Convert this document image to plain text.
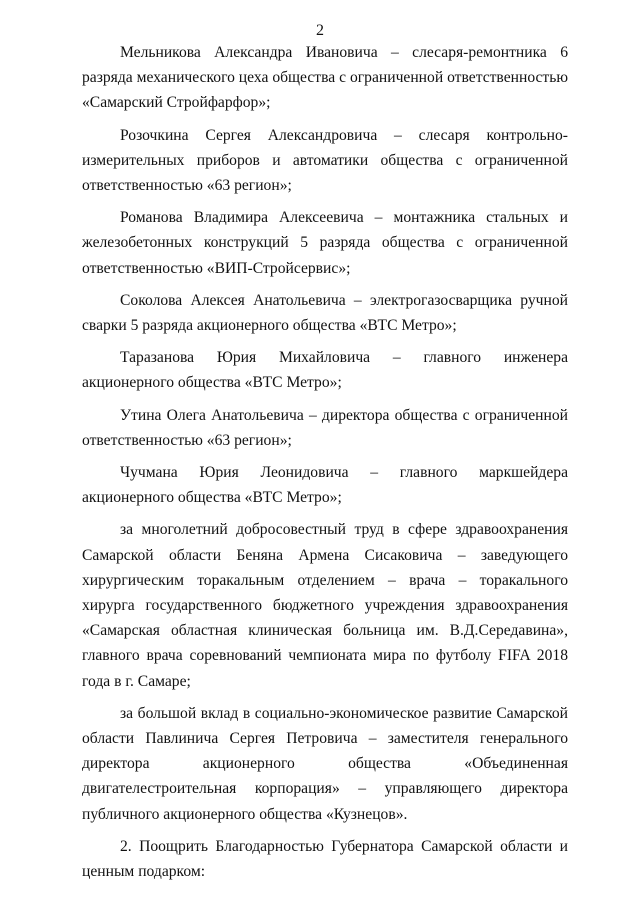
2

Мельникова Александра Ивановича – слесаря-ремонтника 6 разряда механического цеха общества с ограниченной ответственностью «Самарский Стройфарфор»;

Розочкина Сергея Александровича – слесаря контрольно-измерительных приборов и автоматики общества с ограниченной ответственностью «63 регион»;

Романова Владимира Алексеевича – монтажника стальных и железобетонных конструкций 5 разряда общества с ограниченной ответственностью «ВИП-Стройсервис»;

Соколова Алексея Анатольевича – электрогазосварщика ручной сварки 5 разряда акционерного общества «ВТС Метро»;

Таразанова Юрия Михайловича – главного инженера акционерного общества «ВТС Метро»;

Утина Олега Анатольевича – директора общества с ограниченной ответственностью «63 регион»;

Чучмана Юрия Леонидовича – главного маркшейдера акционерного общества «ВТС Метро»;

за многолетний добросовестный труд в сфере здравоохранения Самарской области Беняна Армена Сисаковича – заведующего хирургическим торакальным отделением – врача – торакального хирурга государственного бюджетного учреждения здравоохранения «Самарская областная клиническая больница им. В.Д.Середавина», главного врача соревнований чемпионата мира по футболу FIFA 2018 года в г. Самаре;

за большой вклад в социально-экономическое развитие Самарской области Павлинича Сергея Петровича – заместителя генерального директора акционерного общества «Объединенная двигателестроительная корпорация» – управляющего директора публичного акционерного общества «Кузнецов».

2. Поощрить Благодарностью Губернатора Самарской области и ценным подарком:
